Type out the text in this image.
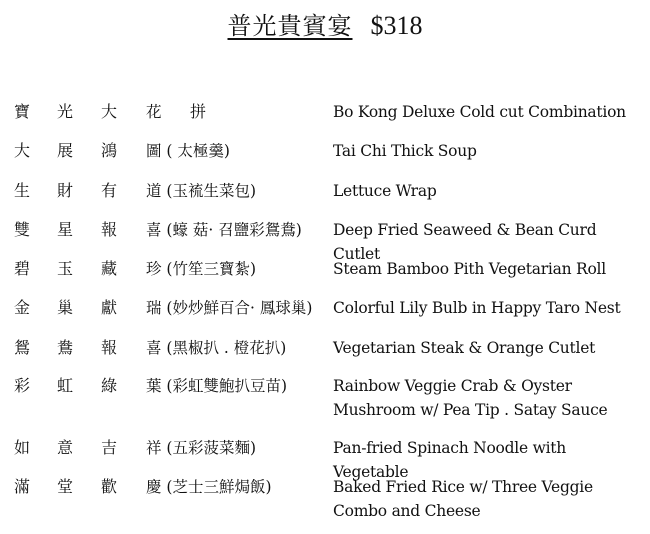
普光貴賓宴 $318
寶 光 大 花 拼	Bo Kong Deluxe Cold cut Combination
大 展 鴻 圖 ( 太極羹)	Tai Chi Thick Soup
生 財 有 道 (玉裗生菜包)	Lettuce Wrap
雙 星 報 喜 (蠔 菇· 召鹽彩鴛鴦) Deep Fried Seaweed & Bean Curd Cutlet
碧 玉 藏 珍 (竹笙三寶紮)	Steam Bamboo Pith Vegetarian Roll
金 巢 獻 瑞 (妙炒鮮百合· 鳳球巢) Colorful Lily Bulb in Happy Taro Nest
鴛 鴦 報 喜 (黑椒扒 . 橙花扒)	Vegetarian Steak & Orange Cutlet
彩 虹 綠 葉 (彩虹雙鮑扒豆苗)	Rainbow Veggie Crab & Oyster Mushroom w/ Pea Tip . Satay Sauce
如 意 吉 祥 (五彩菠菜麵)	Pan-fried Spinach Noodle with Vegetable
滿 堂 歡 慶 (芝士三鮮焗飯)	Baked Fried Rice w/ Three Veggie Combo and Cheese
